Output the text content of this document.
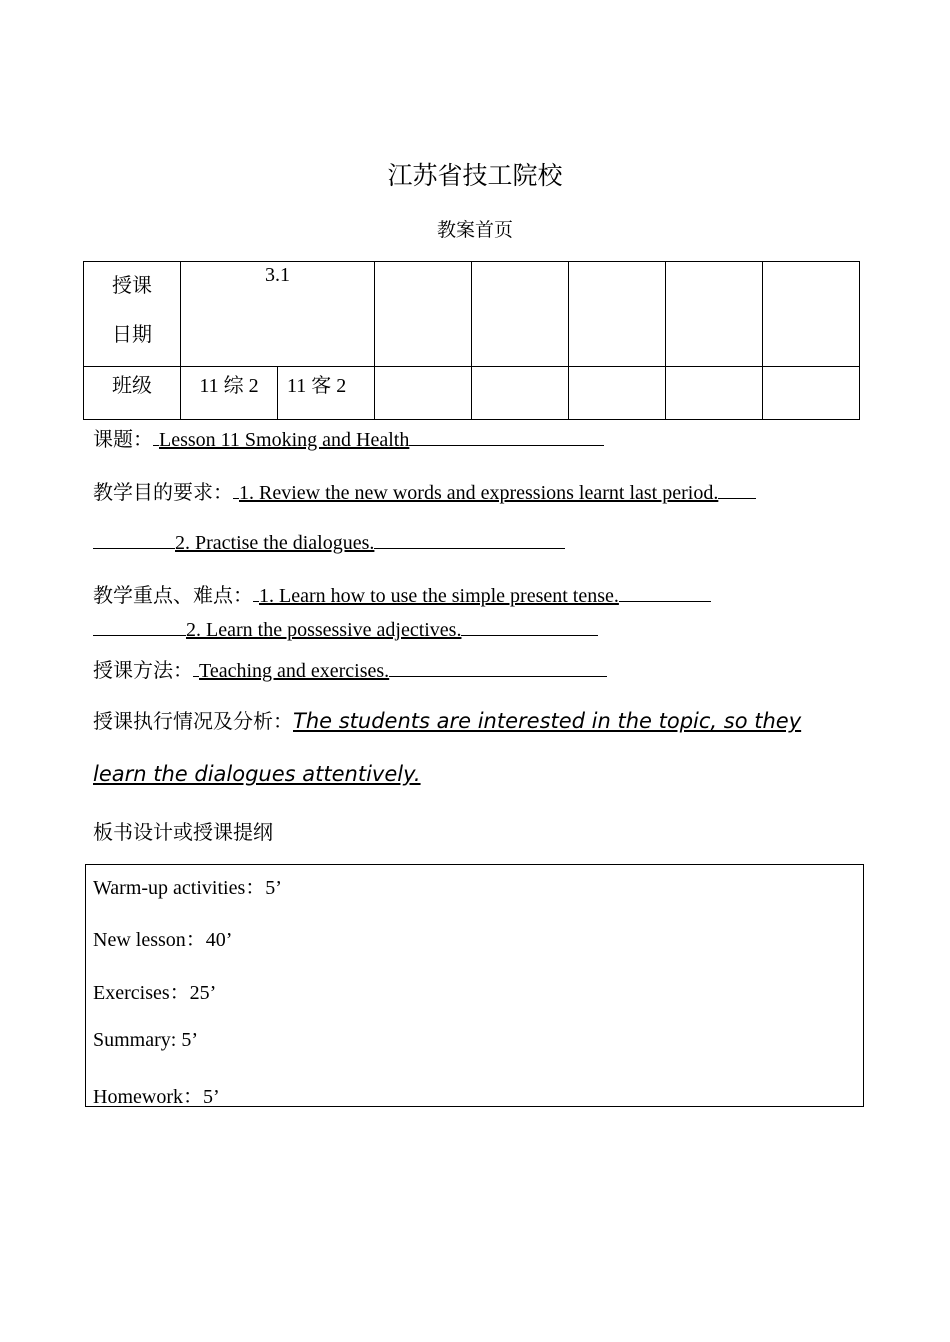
江苏省技工院校
教案首页
授课
日期	3.1						

班级	11 综 2	11 客 2					

课题： Lesson 11 Smoking and Health
教学目的要求： 1. Review the new words and expressions learnt last period.
2. Practise the dialogues.
教学重点、难点： 1. Learn how to use the simple present tense.
2. Learn the possessive adjectives.
授课方法： Teaching and exercises.
授课执行情况及分析：The students are interested in the topic, so they
learn the dialogues attentively.
板书设计或授课提纲
Warm-up activities：5’
New lesson：40’
Exercises：25’
Summary: 5’
Homework：5’
